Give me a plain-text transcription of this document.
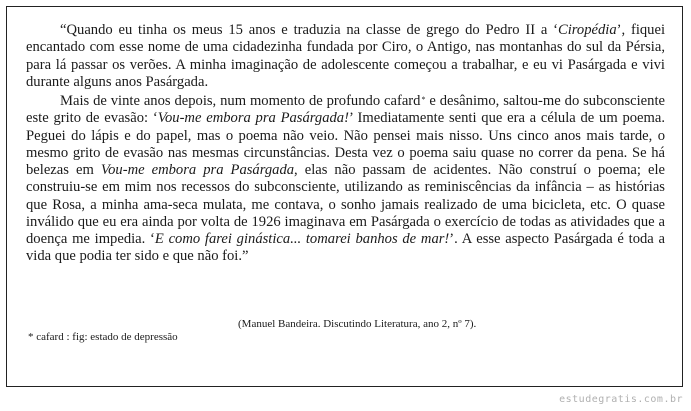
“Quando eu tinha os meus 15 anos e traduzia na classe de grego do Pedro II a ‘Ciropédia’, fiquei encantado com esse nome de uma cidadezinha fundada por Ciro, o Antigo, nas montanhas do sul da Pérsia, para lá passar os verões. A minha imaginação de adolescente começou a trabalhar, e eu vi Pasárgada e vivi durante alguns anos Pasárgada.

Mais de vinte anos depois, num momento de profundo cafard* e desânimo, saltou-me do subconsciente este grito de evasão: ‘Vou-me embora pra Pasárgada!’ Imediatamente senti que era a célula de um poema. Peguei do lápis e do papel, mas o poema não veio. Não pensei mais nisso. Uns cinco anos mais tarde, o mesmo grito de evasão nas mesmas circunstâncias. Desta vez o poema saiu quase no correr da pena. Se há belezas em Vou-me embora pra Pasárgada, elas não passam de acidentes. Não construí o poema; ele construiu-se em mim nos recessos do subconsciente, utilizando as reminiscências da infância – as histórias que Rosa, a minha ama-seca mulata, me contava, o sonho jamais realizado de uma bicicleta, etc. O quase inválido que eu era ainda por volta de 1926 imaginava em Pasárgada o exercício de todas as atividades que a doença me impedia. ‘E como farei ginástica... tomarei banhos de mar!’. A esse aspecto Pasárgada é toda a vida que podia ter sido e que não foi.”

(Manuel Bandeira. Discutindo Literatura, ano 2, nº 7).
* cafard : fig: estado de depressão
estudegratis.com.br
